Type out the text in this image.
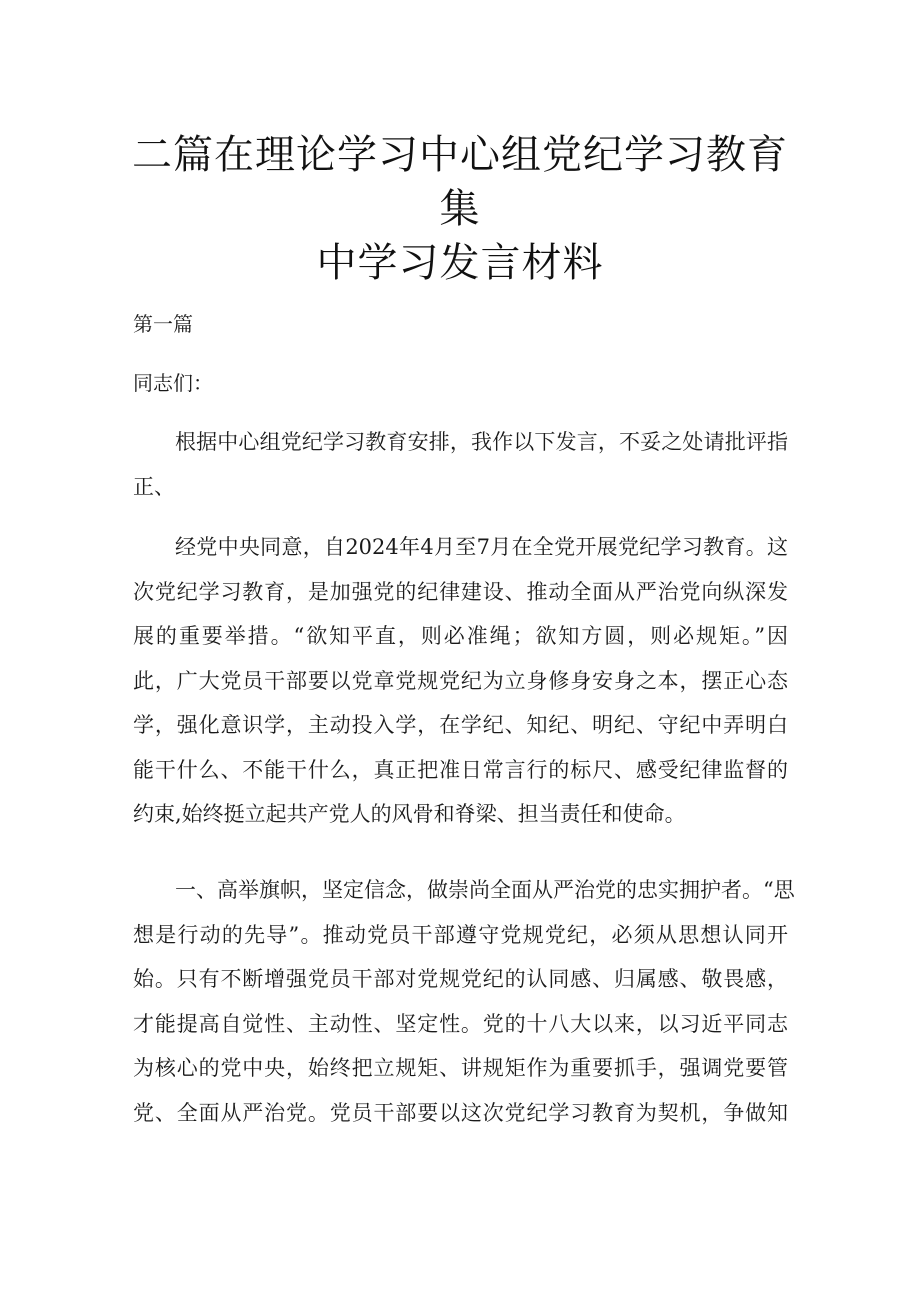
二篇在理论学习中心组党纪学习教育集
中学习发言材料

第一篇

同志们：

根据中心组党纪学习教育安排，我作以下发言，不妥之处请批评指
正、
经党中央同意，自2024年4月至7月在全党开展党纪学习教育。这
次党纪学习教育，是加强党的纪律建设、推动全面从严治党向纵深发
展的重要举措。“欲知平直，则必准绳；欲知方圆，则必规矩。”因
此，广大党员干部要以党章党规党纪为立身修身安身之本，摆正心态
学，强化意识学，主动投入学，在学纪、知纪、明纪、守纪中弄明白
能干什么、不能干什么，真正把准日常言行的标尺、感受纪律监督的
约束,始终挺立起共产党人的风骨和脊梁、担当责任和使命。
一、高举旗帜，坚定信念，做崇尚全面从严治党的忠实拥护者。“思
想是行动的先导”。推动党员干部遵守党规党纪，必须从思想认同开
始。只有不断增强党员干部对党规党纪的认同感、归属感、敬畏感，
才能提高自觉性、主动性、坚定性。党的十八大以来，以习近平同志
为核心的党中央，始终把立规矩、讲规矩作为重要抓手，强调党要管
党、全面从严治党。党员干部要以这次党纪学习教育为契机，争做知
